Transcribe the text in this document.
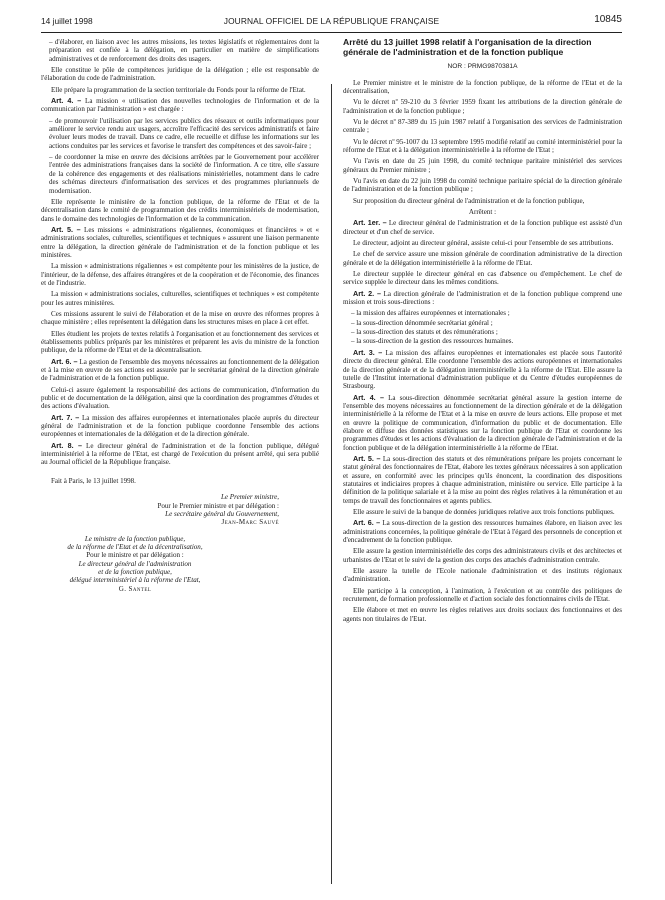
14 juillet 1998	JOURNAL OFFICIEL DE LA RÉPUBLIQUE FRANÇAISE	10845

– d'élaborer, en liaison avec les autres missions, les textes législatifs et réglementaires dont la préparation est confiée à la délégation, en particulier en matière de simplifications administratives et de renforcement des droits des usagers.

Elle constitue le pôle de compétences juridique de la délégation ; elle est responsable de l'élaboration du code de l'administration.

Elle prépare la programmation de la section territoriale du Fonds pour la réforme de l'Etat.

Art. 4. – La mission « utilisation des nouvelles technologies de l'information et de la communication par l'administration » est chargée :

– de promouvoir l'utilisation par les services publics des réseaux et outils informatiques pour améliorer le service rendu aux usagers, accroître l'efficacité des services administratifs et faire évoluer leurs modes de travail. Dans ce cadre, elle recueille et diffuse les informations sur les actions conduites par les services et favorise le transfert des compétences et des savoir-faire ;

– de coordonner la mise en œuvre des décisions arrêtées par le Gouvernement pour accélérer l'entrée des administrations françaises dans la société de l'information. A ce titre, elle s'assure de la cohérence des engagements et des réalisations ministérielles, notamment dans le cadre des schémas directeurs d'informatisation des services et des programmes pluriannuels de modernisation.

Elle représente le ministère de la fonction publique, de la réforme de l'Etat et de la décentralisation dans le comité de programmation des crédits interministériels de modernisation, dans le domaine des technologies de l'information et de la communication.

Art. 5. – Les missions « administrations régaliennes, économiques et financières » et « administrations sociales, culturelles, scientifiques et techniques » assurent une liaison permanente entre la délégation, la direction générale de l'administration et de la fonction publique et les ministères.

La mission « administrations régaliennes » est compétente pour les ministères de la justice, de l'intérieur, de la défense, des affaires étrangères et de la coopération et de l'économie, des finances et de l'industrie.

La mission « administrations sociales, culturelles, scientifiques et techniques » est compétente pour les autres ministères.

Ces missions assurent le suivi de l'élaboration et de la mise en œuvre des réformes propres à chaque ministère ; elles représentent la délégation dans les structures mises en place à cet effet.

Elles étudient les projets de textes relatifs à l'organisation et au fonctionnement des services et établissements publics préparés par les ministères et préparent les avis du ministre de la fonction publique, de la réforme de l'Etat et de la décentralisation.

Art. 6. – La gestion de l'ensemble des moyens nécessaires au fonctionnement de la délégation et à la mise en œuvre de ses actions est assurée par le secrétariat général de la direction générale de l'administration et de la fonction publique.

Celui-ci assure également la responsabilité des actions de communication, d'information du public et de documentation de la délégation, ainsi que la coordination des programmes d'études et des actions d'évaluation.

Art. 7. – La mission des affaires européennes et internationales placée auprès du directeur général de l'administration et de la fonction publique coordonne l'ensemble des actions européennes et internationales de la délégation et de la direction générale.

Art. 8. – Le directeur général de l'administration et de la fonction publique, délégué interministériel à la réforme de l'Etat, est chargé de l'exécution du présent arrêté, qui sera publié au Journal officiel de la République française.

Fait à Paris, le 13 juillet 1998.

Le Premier ministre,

Pour le Premier ministre et par délégation :

Le secrétaire général du Gouvernement,

Jean-Marc Sauvé

Le ministre de la fonction publique,

de la réforme de l'Etat et de la décentralisation,

Pour le ministre et par délégation :

Le directeur général de l'administration

et de la fonction publique,

délégué interministériel à la réforme de l'Etat,

G. Santel

Arrêté du 13 juillet 1998 relatif à l'organisation de la direction générale de l'administration et de la fonction publique

NOR : PRMG9870381A

Le Premier ministre et le ministre de la fonction publique, de la réforme de l'Etat et de la décentralisation,

Vu le décret nº 59-210 du 3 février 1959 fixant les attributions de la direction générale de l'administration et de la fonction publique ;

Vu le décret nº 87-389 du 15 juin 1987 relatif à l'organisation des services de l'administration centrale ;

Vu le décret nº 95-1007 du 13 septembre 1995 modifié relatif au comité interministériel pour la réforme de l'Etat et à la délégation interministérielle à la réforme de l'Etat ;

Vu l'avis en date du 25 juin 1998, du comité technique paritaire ministériel des services généraux du Premier ministre ;

Vu l'avis en date du 22 juin 1998 du comité technique paritaire spécial de la direction générale de l'administration et de la fonction publique ;

Sur proposition du directeur général de l'administration et de la fonction publique,

Arrêtent :

Art. 1er. – Le directeur général de l'administration et de la fonction publique est assisté d'un directeur et d'un chef de service.

Le directeur, adjoint au directeur général, assiste celui-ci pour l'ensemble de ses attributions.

Le chef de service assure une mission générale de coordination administrative de la direction générale et de la délégation interministérielle à la réforme de l'Etat.

Le directeur supplée le directeur général en cas d'absence ou d'empêchement. Le chef de service supplée le directeur dans les mêmes conditions.

Art. 2. – La direction générale de l'administration et de la fonction publique comprend une mission et trois sous-directions :

– la mission des affaires européennes et internationales ;

– la sous-direction dénommée secrétariat général ;

– la sous-direction des statuts et des rémunérations ;

– la sous-direction de la gestion des ressources humaines.

Art. 3. – La mission des affaires européennes et internationales est placée sous l'autorité directe du directeur général. Elle coordonne l'ensemble des actions européennes et internationales de la direction générale et de la délégation interministérielle à la réforme de l'Etat. Elle assure la tutelle de l'Institut international d'administration publique et du Centre d'études européennes de Strasbourg.

Art. 4. – La sous-direction dénommée secrétariat général assure la gestion interne de l'ensemble des moyens nécessaires au fonctionnement de la direction générale et de la délégation interministérielle à la réforme de l'Etat et à la mise en œuvre de leurs actions. Elle propose et met en œuvre la politique de communication, d'information du public et de documentation. Elle élabore et diffuse des données statistiques sur la fonction publique de l'Etat et coordonne les programmes d'études et les actions d'évaluation de la direction générale de l'administration et de la fonction publique et de la délégation interministérielle à la réforme de l'Etat.

Art. 5. – La sous-direction des statuts et des rémunérations prépare les projets concernant le statut général des fonctionnaires de l'Etat, élabore les textes généraux nécessaires à son application et assure, en conformité avec les principes qu'ils énoncent, la coordination des dispositions statutaires et indiciaires propres à chaque administration, ministère ou service. Elle participe à la définition de la politique salariale et à la mise au point des règles relatives à la rémunération et au temps de travail des fonctionnaires et agents publics.

Elle assure le suivi de la banque de données juridiques relative aux trois fonctions publiques.

Art. 6. – La sous-direction de la gestion des ressources humaines élabore, en liaison avec les administrations concernées, la politique générale de l'Etat à l'égard des personnels de conception et d'encadrement de la fonction publique.

Elle assure la gestion interministérielle des corps des administrateurs civils et des architectes et urbanistes de l'Etat et le suivi de la gestion des corps des attachés d'administration centrale.

Elle assure la tutelle de l'Ecole nationale d'administration et des instituts régionaux d'administration.

Elle participe à la conception, à l'animation, à l'exécution et au contrôle des politiques de recrutement, de formation professionnelle et d'action sociale des fonctionnaires civils de l'Etat.

Elle élabore et met en œuvre les règles relatives aux droits sociaux des fonctionnaires et des agents non titulaires de l'Etat.
